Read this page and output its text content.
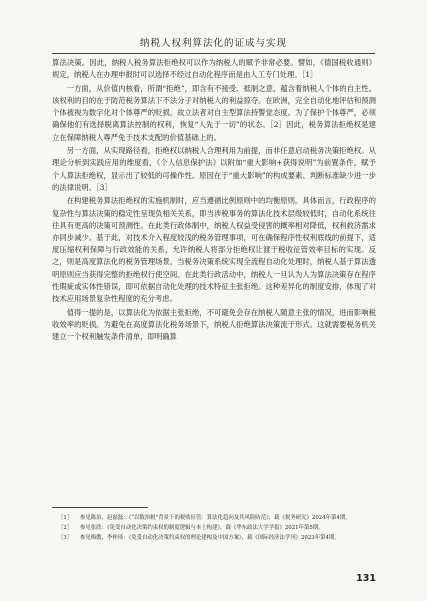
纳税人权利算法化的证成与实现

算法决策。因此，纳税人税务算法拒绝权可以作为纳税人的赋予非常必要。譬如，《德国税收通则》规定，纳税人在办理申报时可以选择不经过自动化程序而是由人工专门处理。［1］

一方面，从价值内核看，所谓“拒绝”，即含有不接受、抵制之意，蕴含着纳税人个体的自主性。该权利的目的在于防范税务算法下不法分子对纳税人的利益掠夺。在欧洲，完全自动化地评估和预测个体被视为数字化对个体尊严的贬损。故立法者对自主型算法持警觉态度。为了保护个体尊严，必须确保他们有选择脱离算法控制的权利，恢复“人先于一切”的状态。［2］因此，税务算法拒绝权是建立在保障纳税人尊严免于技术支配的价值基础上的。

另一方面，从实现路径看，拒绝权以纳税人合理利用为前提，而非任意启动税务决策拒绝权。从理论分析到实践应用的维度看，《个人信息保护法》以附加“重大影响+获得说明”为前置条件，赋予个人算法拒绝权，显示出了较低的可操作性。原因在于“重大影响”的构成要素、判断标准缺少进一步的法律说明。［3］

在构建税务算法拒绝权的实施机制时，应当遵循比例原则中的均衡原则。具体而言，行政程序的复杂性与算法决策的稳定性呈现负相关关系，即当涉税事务的算法化技术层级较低时，自动化系统往往具有更高的决策可预测性。在此类行政体制中，纳税人权益受侵害的概率相对降低，权利救济需求亦同步减少。基于此，对技术介入程度较浅的税务管理事项，可在确保程序性权利底线的前提下，适度压缩权利保障与行政效能的关系，允许纳税人将部分拒绝权让渡于税收征管效率目标的实现。反之，则是高度算法化的税务管理场景，当税务决策系统实现全流程自动化处理时，纳税人基于算法透明原则应当获得完整的拒绝权行使空间。在此类行政活动中，纳税人一旦认为人为算法决策存在程序性瑕疵或实体性错误，即可依据自动化处理的技术特征主张拒绝。这种差异化的制度安排，体现了对技术应用场景复杂性程度的充分考虑。

值得一提的是，以算法化为依据主张拒绝，不可避免会存在纳税人随意主张的情况，进而影响税收效率的贬损。为避免在高度算法化税务场景下，纳税人拒绝算法决策流于形式。这就需要税务机关建立一个权利触发条件清单，即明确算

［1］	参见陈治、赵磊磊：《“以数治税”背景下的税收征管：算法化趋向及其风险防范》，载《税务研究》2024年第4期。
［2］	参见张欣：《免受自动化决策约束权的制度逻辑与本土构建》，载《华东政法大学学报》2021年第5期。
［3］	参见梅傲、李梓琦：《免受自动化决策约束权的理论建构及中国方案》，载《国际经济法学刊》2023年第4期。
131
